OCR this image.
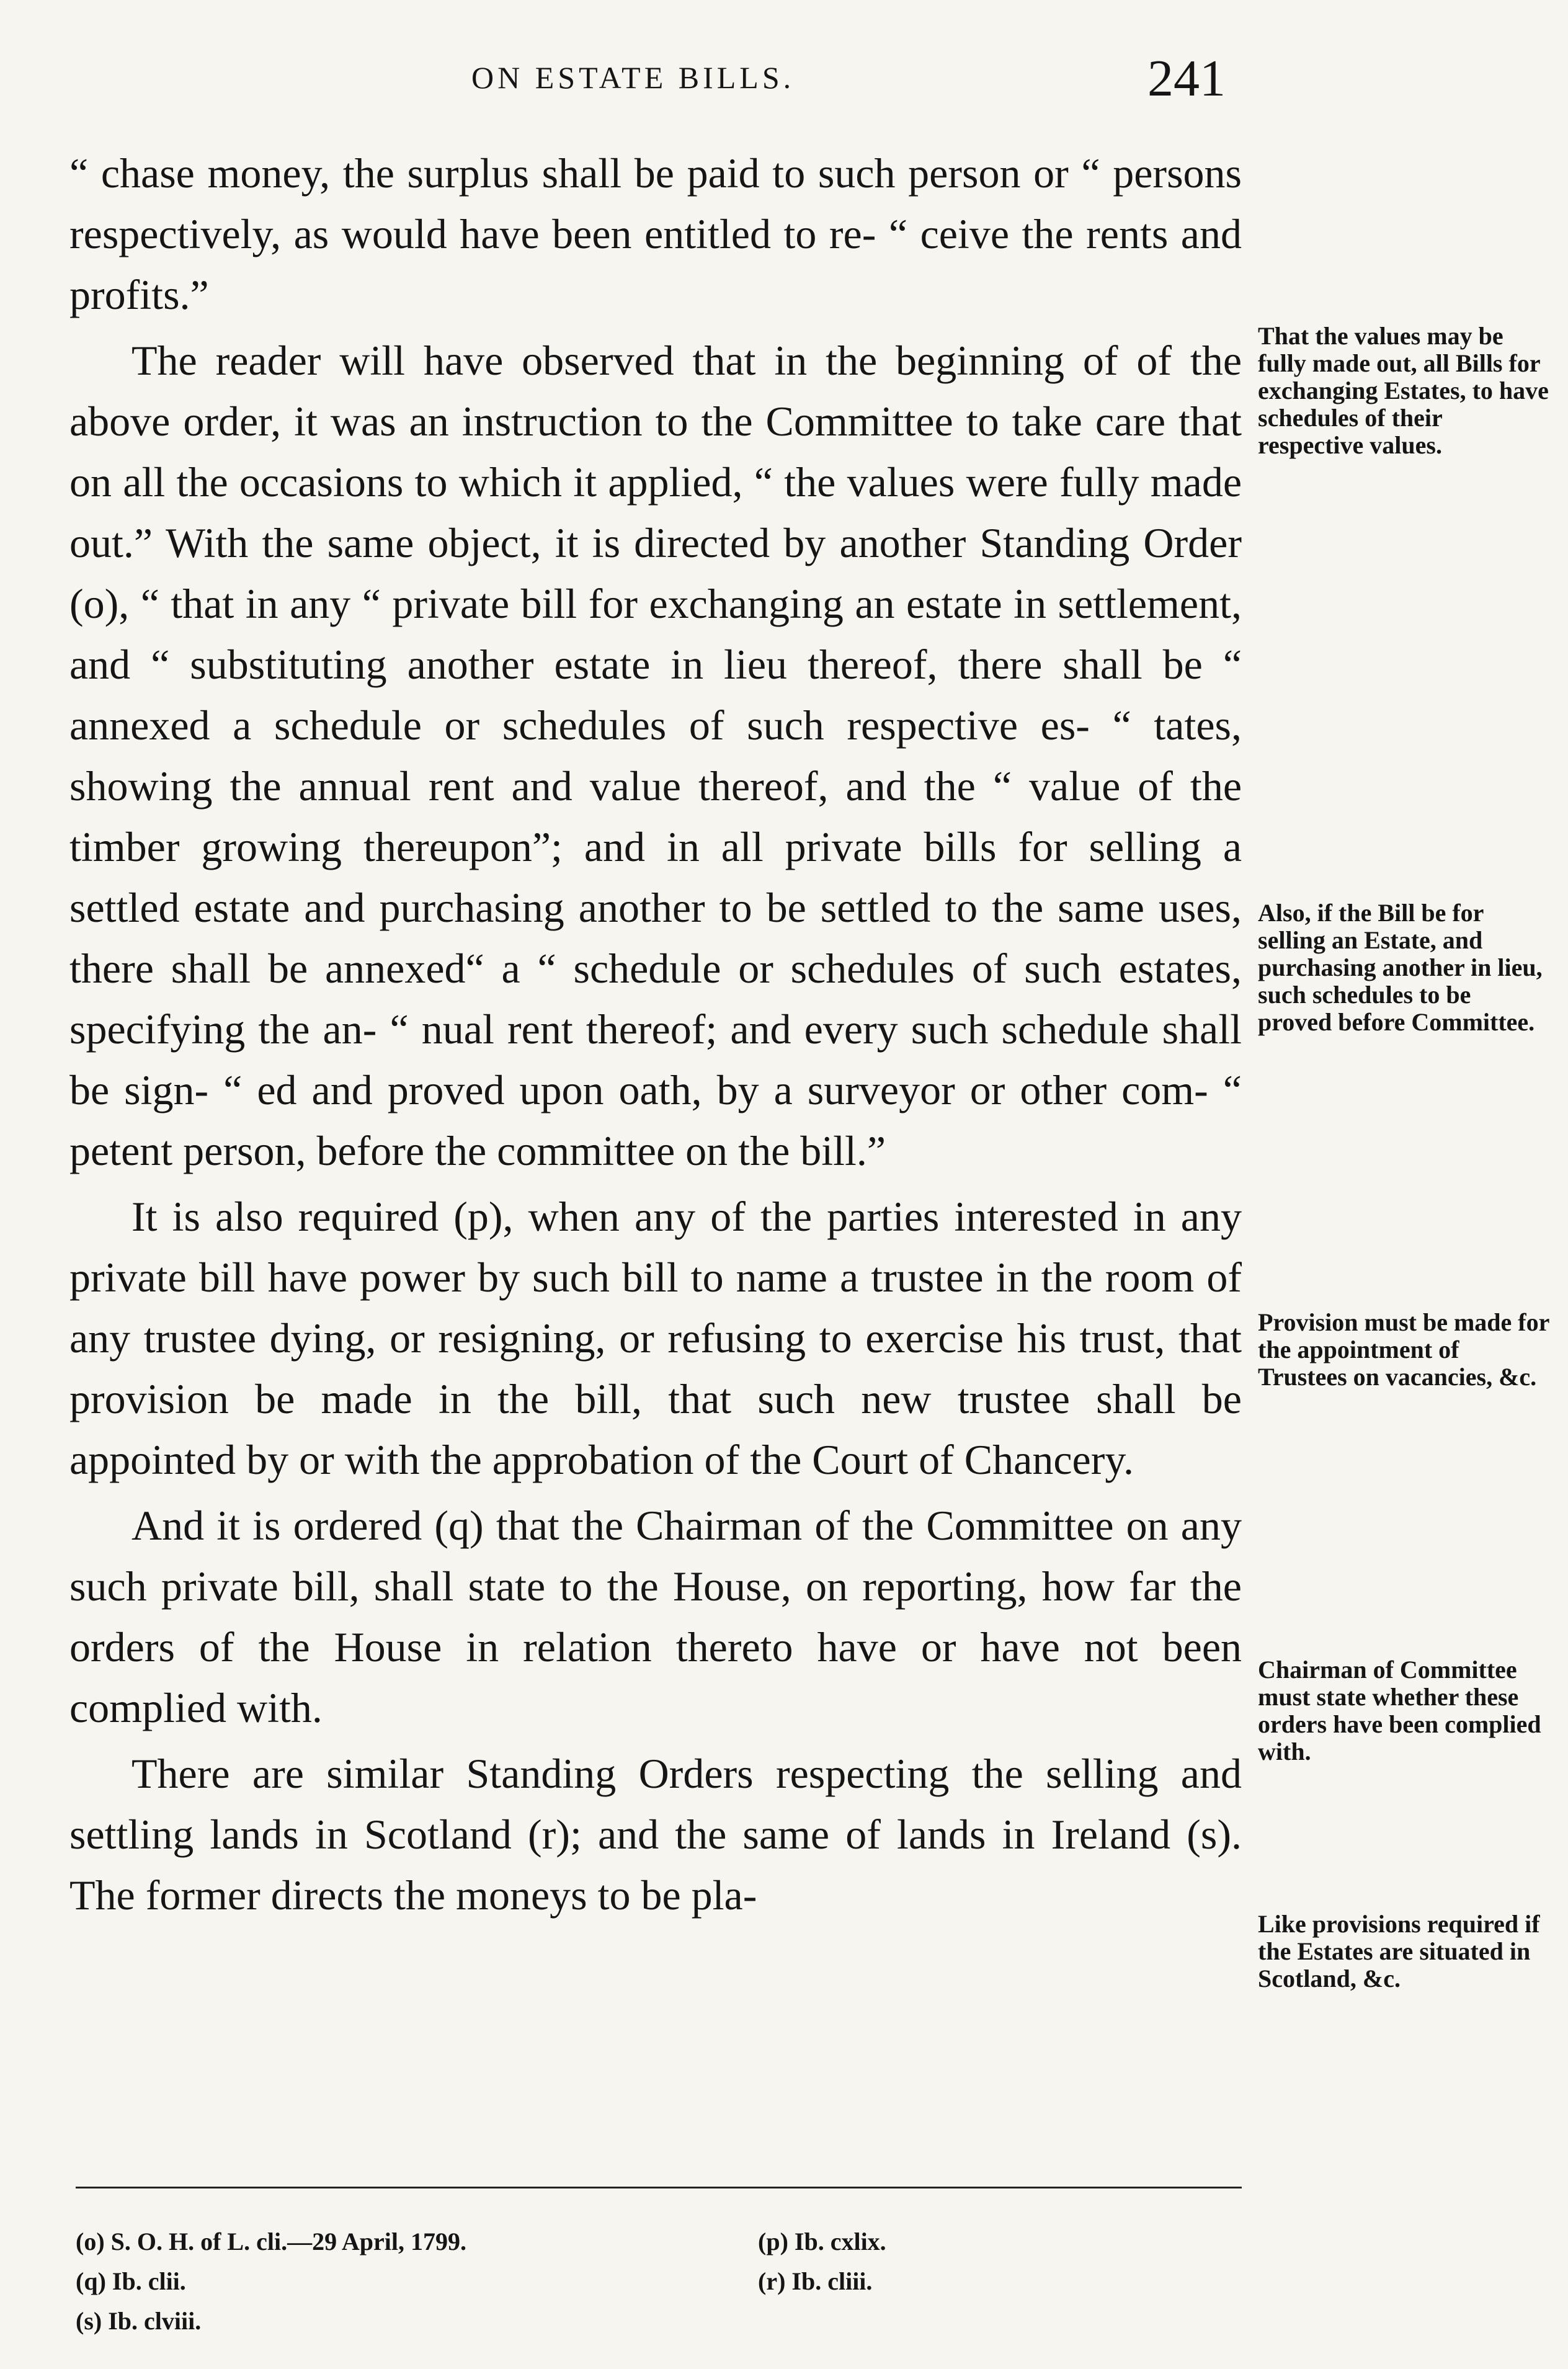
ON ESTATE BILLS.	241

“ chase money, the surplus shall be paid to such person or “ persons respectively, as would have been entitled to re- “ ceive the rents and profits.”

The reader will have observed that in the beginning of of the above order, it was an instruction to the Committee to take care that on all the occasions to which it applied, “ the values were fully made out.” With the same object, it is directed by another Standing Order (o), “ that in any “ private bill for exchanging an estate in settlement, and “ substituting another estate in lieu thereof, there shall be “ annexed a schedule or schedules of such respective es- “ tates, showing the annual rent and value thereof, and the “ value of the timber growing thereupon”; and in all private bills for selling a settled estate and purchasing another to be settled to the same uses, there shall be annexed“ a “ schedule or schedules of such estates, specifying the an- “ nual rent thereof; and every such schedule shall be sign- “ ed and proved upon oath, by a surveyor or other com- “ petent person, before the committee on the bill.”

It is also required (p), when any of the parties interested in any private bill have power by such bill to name a trustee in the room of any trustee dying, or resigning, or refusing to exercise his trust, that provision be made in the bill, that such new trustee shall be appointed by or with the approbation of the Court of Chancery.

And it is ordered (q) that the Chairman of the Committee on any such private bill, shall state to the House, on reporting, how far the orders of the House in relation thereto have or have not been complied with.

There are similar Standing Orders respecting the selling and settling lands in Scotland (r); and the same of lands in Ireland (s). The former directs the moneys to be pla-

That the values may be fully made out, all Bills for exchanging Estates, to have schedules of their respective values.
Also, if the Bill be for selling an Estate, and purchasing another in lieu, such schedules to be proved before Committee.
Provision must be made for the appointment of Trustees on vacancies, &c.
Chairman of Committee must state whether these orders have been complied with.
Like provisions required if the Estates are situated in Scotland, &c.
(o) S. O. H. of L. cli.—29 April, 1799.	(p) Ib. cxlix.
(q) Ib. clii.	(r) Ib. cliii.
(s) Ib. clviii.
